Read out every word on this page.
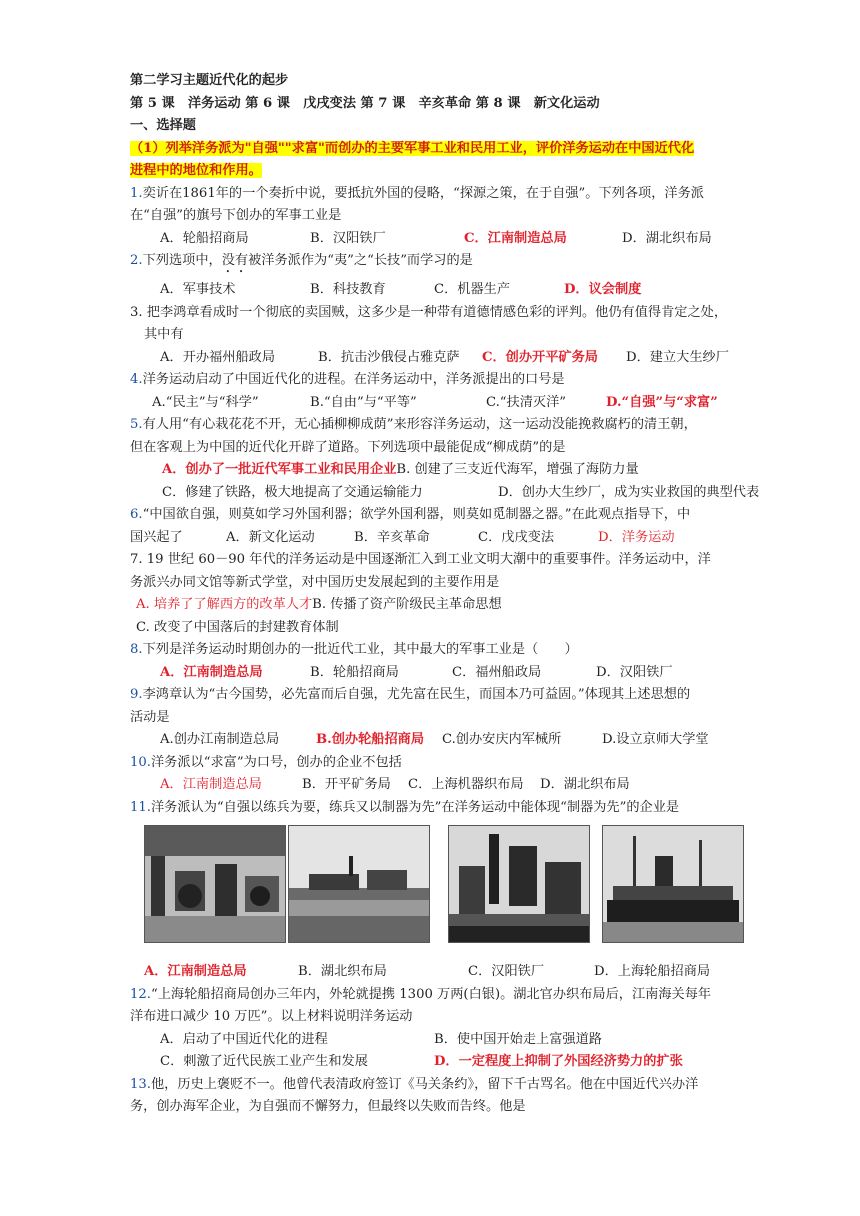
第二学习主题近代化的起步
第 5 课　洋务运动 第 6 课　戊戌变法 第 7 课　辛亥革命 第 8 课　新文化运动
一、选择题
（1）列举洋务派为"自强""求富"而创办的主要军事工业和民用工业，评价洋务运动在中国近代化
进程中的地位和作用。
1.奕䜣在1861年的一个奏折中说，要抵抗外国的侵略，“探源之策，在于自强”。下列各项，洋务派
在“自强”的旗号下创办的军事工业是
A．轮船招商局	B．汉阳铁厂	C．江南制造总局	D．湖北织布局
2.下列选项中，没有被洋务派作为“夷”之“长技”而学习的是
A．军事技术	B．科技教育	C．机器生产	D．议会制度
3. 把李鸿章看成时一个彻底的卖国贼，这多少是一种带有道德情感色彩的评判。他仍有值得肯定之处，
其中有
A．开办福州船政局	B．抗击沙俄侵占雅克萨 C．创办开平矿务局 D．建立大生纱厂
4.洋务运动启动了中国近代化的进程。在洋务运动中，洋务派提出的口号是
A.“民主”与“科学”	B.“自由”与“平等”	C.“扶清灭洋”	D.“自强”与“求富”
5.有人用“有心栽花花不开，无心插柳柳成荫”来形容洋务运动，这一运动没能挽救腐朽的清王朝，
但在客观上为中国的近代化开辟了道路。下列选项中最能促成“柳成荫”的是
A．创办了一批近代军事工业和民用企业B. 创建了三支近代海军，增强了海防力量
C．修建了铁路，极大地提高了交通运输能力	D．创办大生纱厂，成为实业救国的典型代表
6.“中国欲自强，则莫如学习外国利器；欲学外国利器，则莫如觅制器之器。”在此观点指导下，中
国兴起了	A．新文化运动	B．辛亥革命	C．戊戌变法	D．洋务运动
7. 19 世纪 60－90 年代的洋务运动是中国逐渐汇入到工业文明大潮中的重要事件。洋务运动中，洋
务派兴办同文馆等新式学堂，对中国历史发展起到的主要作用是
A. 培养了了解西方的改革人才B. 传播了资产阶级民主革命思想
C. 改变了中国落后的封建教育体制
8.下列是洋务运动时期创办的一批近代工业，其中最大的军事工业是（　　）
A．江南制造总局	B．轮船招商局	C．福州船政局	D．汉阳铁厂
9.李鸿章认为“古今国势，必先富而后自强，尤先富在民生，而国本乃可益固。”体现其上述思想的
活动是
A.创办江南制造总局	B.创办轮船招商局 C.创办安庆内军械所	D.设立京师大学堂
10.洋务派以“求富”为口号，创办的企业不包括
A．江南制造总局	B．开平矿务局 C．上海机器织布局 D．湖北织布局
11.洋务派认为“自强以练兵为要，练兵又以制器为先”在洋务运动中能体现“制器为先”的企业是
A．江南制造总局	B．湖北织布局	C．汉阳铁厂	D．上海轮船招商局
12.“上海轮船招商局创办三年内，外轮就提携 1300 万两(白银)。湖北官办织布局后，江南海关每年
洋布进口减少 10 万匹”。以上材料说明洋务运动
A．启动了中国近代化的进程	B．使中国开始走上富强道路
C．刺激了近代民族工业产生和发展	D．一定程度上抑制了外国经济势力的扩张
13.他，历史上褒贬不一。他曾代表清政府签订《马关条约》，留下千古骂名。他在中国近代兴办洋
务，创办海军企业，为自强而不懈努力，但最终以失败而告终。他是
